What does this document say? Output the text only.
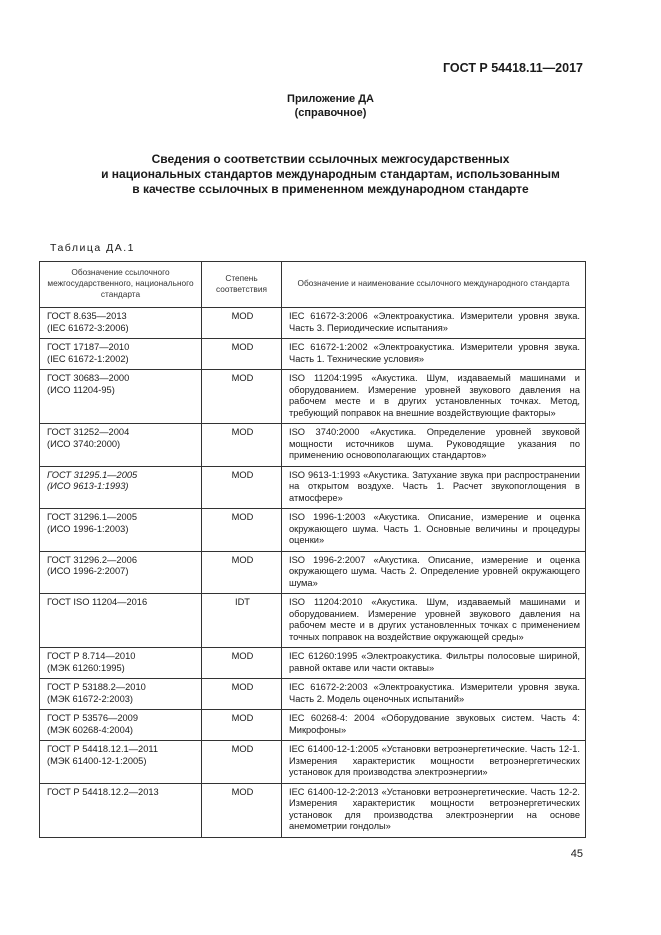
ГОСТ Р 54418.11—2017
Приложение ДА
(справочное)
Сведения о соответствии ссылочных межгосударственных
и национальных стандартов международным стандартам, использованным
в качестве ссылочных в примененном международном стандарте
Таблица ДА.1
Обозначение ссылочного межгосударственного, национального стандарта	Степень соответствия	Обозначение и наименование ссылочного международного стандарта

ГОСТ 8.635—2013
(IEC 61672-3:2006)	MOD	IEC 61672-3:2006 «Электроакустика. Измерители уровня звука. Часть 3. Периодические испытания»

ГОСТ 17187—2010
(IEC 61672-1:2002)	MOD	IEC 61672-1:2002 «Электроакустика. Измерители уровня звука. Часть 1. Технические условия»

ГОСТ 30683—2000
(ИСО 11204-95)	MOD	ISO 11204:1995 «Акустика. Шум, издаваемый машинами и оборудованием. Измерение уровней звукового давления на рабочем месте и в других установленных точках. Метод, требующий поправок на внешние воздействующие факторы»

ГОСТ 31252—2004
(ИСО 3740:2000)	MOD	ISO 3740:2000 «Акустика. Определение уровней звуковой мощности источников шума. Руководящие указания по применению основополагающих стандартов»

ГОСТ 31295.1—2005
(ИСО 9613-1:1993)	MOD	ISO 9613-1:1993 «Акустика. Затухание звука при распространении на открытом воздухе. Часть 1. Расчет звукопоглощения в атмосфере»

ГОСТ 31296.1—2005
(ИСО 1996-1:2003)	MOD	ISO 1996-1:2003 «Акустика. Описание, измерение и оценка окружающего шума. Часть 1. Основные величины и процедуры оценки»

ГОСТ 31296.2—2006
(ИСО 1996-2:2007)	MOD	ISO 1996-2:2007 «Акустика. Описание, измерение и оценка окружающего шума. Часть 2. Определение уровней окружающего шума»

ГОСТ ISO 11204—2016	IDT	ISO 11204:2010 «Акустика. Шум, издаваемый машинами и оборудованием. Измерение уровней звукового давления на рабочем месте и в других установленных точках с применением точных поправок на воздействие окружающей среды»

ГОСТ Р 8.714—2010
(МЭК 61260:1995)	MOD	IEC 61260:1995 «Электроакустика. Фильтры полосовые шириной, равной октаве или части октавы»

ГОСТ Р 53188.2—2010
(МЭК 61672-2:2003)	MOD	IEC 61672-2:2003 «Электроакустика. Измерители уровня звука. Часть 2. Модель оценочных испытаний»

ГОСТ Р 53576—2009
(МЭК 60268-4:2004)	MOD	IEC 60268-4: 2004 «Оборудование звуковых систем. Часть 4: Микрофоны»

ГОСТ Р 54418.12.1—2011
(МЭК 61400-12-1:2005)	MOD	IEC 61400-12-1:2005 «Установки ветроэнергетические. Часть 12-1. Измерения характеристик мощности ветроэнергетических установок для производства электроэнергии»

ГОСТ Р 54418.12.2—2013	MOD	IEC 61400-12-2:2013 «Установки ветроэнергетические. Часть 12-2. Измерения характеристик мощности ветроэнергетических установок для производства электроэнергии на основе анемометрии гондолы»
45
